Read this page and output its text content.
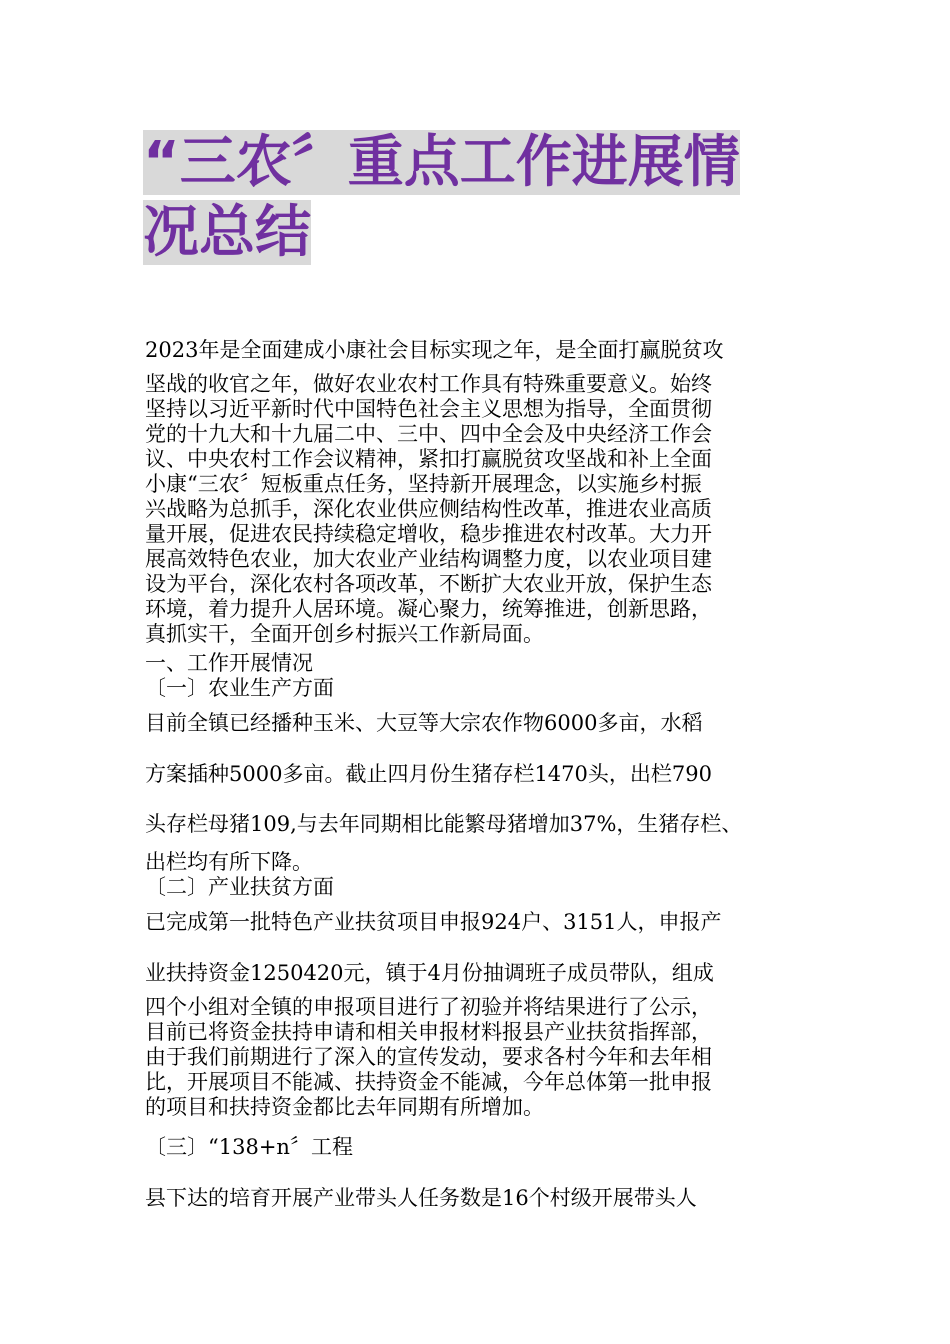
“三农〞重点工作进展情
况总结

2023年是全面建成小康社会目标实现之年，是全面打赢脱贫攻

坚战的收官之年，做好农业农村工作具有特殊重要意义。始终
坚持以习近平新时代中国特色社会主义思想为指导，全面贯彻
党的十九大和十九届二中、三中、四中全会及中央经济工作会
议、中央农村工作会议精神，紧扣打赢脱贫攻坚战和补上全面
小康“三农〞短板重点任务，坚持新开展理念，以实施乡村振
兴战略为总抓手，深化农业供应侧结构性改革，推进农业高质
量开展，促进农民持续稳定增收，稳步推进农村改革。大力开
展高效特色农业，加大农业产业结构调整力度，以农业项目建
设为平台，深化农村各项改革，不断扩大农业开放，保护生态
环境，着力提升人居环境。凝心聚力，统筹推进，创新思路，
真抓实干，全面开创乡村振兴工作新局面。

一、工作开展情况

〔一〕农业生产方面

目前全镇已经播种玉米、大豆等大宗农作物6000多亩，水稻

方案插种5000多亩。截止四月份生猪存栏1470头，出栏790

头存栏母猪109,与去年同期相比能繁母猪增加37%，生猪存栏、

出栏均有所下降。

〔二〕产业扶贫方面

已完成第一批特色产业扶贫项目申报924户、3151人，申报产

业扶持资金1250420元，镇于4月份抽调班子成员带队，组成

四个小组对全镇的申报项目进行了初验并将结果进行了公示，
目前已将资金扶持申请和相关申报材料报县产业扶贫指挥部，
由于我们前期进行了深入的宣传发动，要求各村今年和去年相
比，开展项目不能减、扶持资金不能减，今年总体第一批申报
的项目和扶持资金都比去年同期有所增加。

〔三〕“138+n〞工程

县下达的培育开展产业带头人任务数是16个村级开展带头人
